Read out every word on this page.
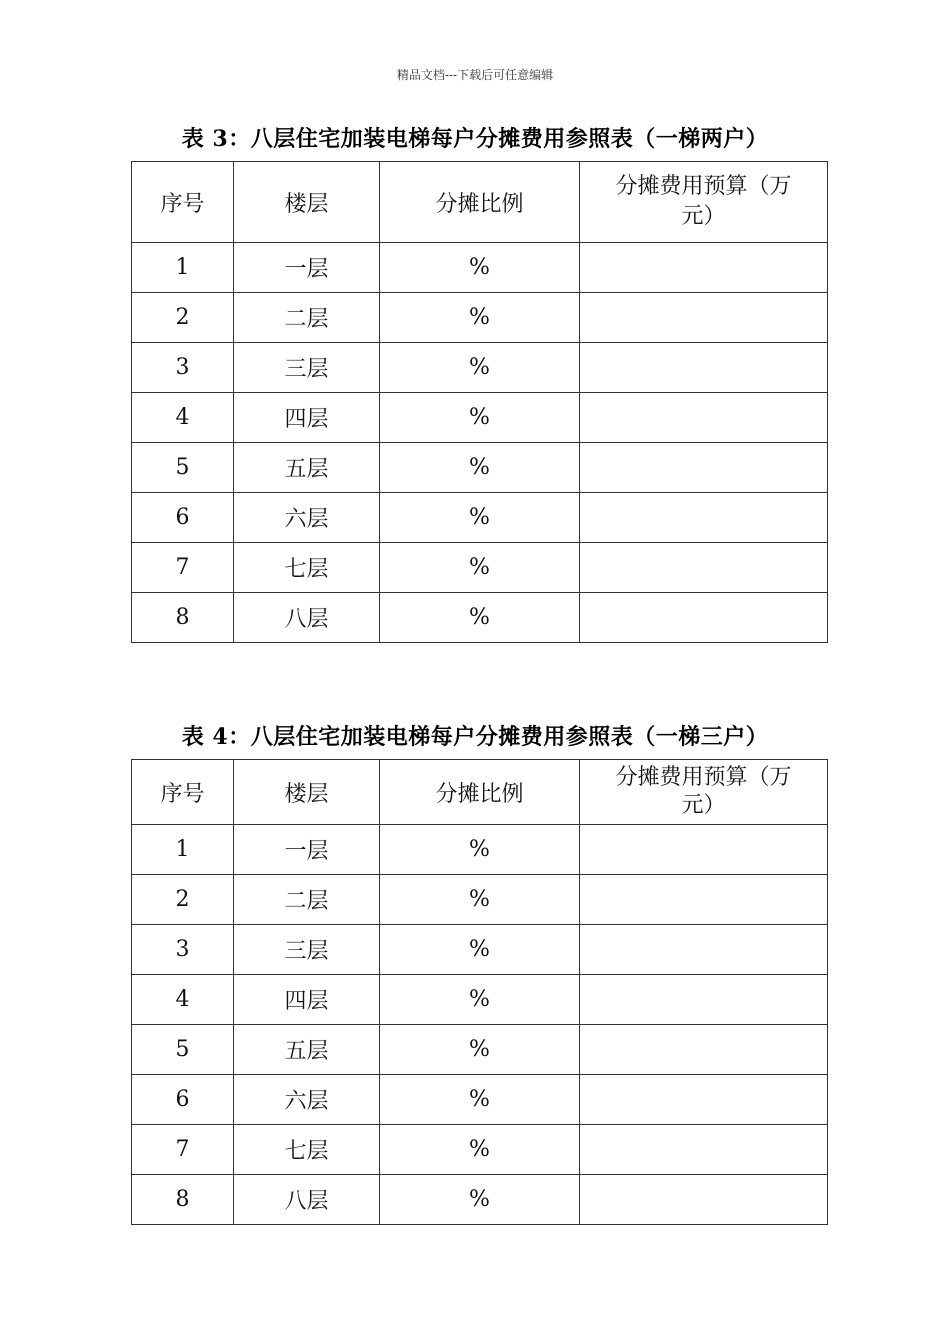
精品文档---下载后可任意编辑
表 3：八层住宅加装电梯每户分摊费用参照表（一梯两户）
序号	楼层	分摊比例	分摊费用预算（万
元）

1	一层	%	
2	二层	%	
3	三层	%	
4	四层	%	
5	五层	%	
6	六层	%	
7	七层	%	
8	八层	%	
表 4：八层住宅加装电梯每户分摊费用参照表（一梯三户）
序号	楼层	分摊比例	分摊费用预算（万
元）

1	一层	%	
2	二层	%	
3	三层	%	
4	四层	%	
5	五层	%	
6	六层	%	
7	七层	%	
8	八层	%	
